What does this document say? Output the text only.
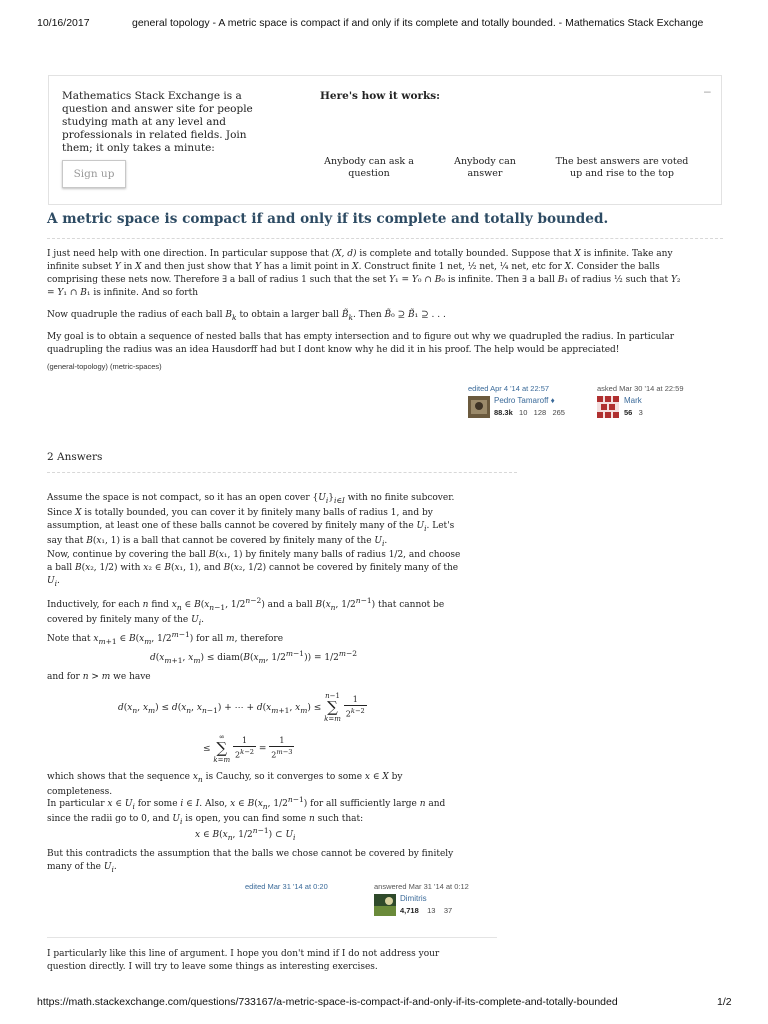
10/16/2017	general topology - A metric space is compact if and only if its complete and totally bounded. - Mathematics Stack Exchange
Mathematics Stack Exchange is a question and answer site for people studying math at any level and professionals in related fields. Join them; it only takes a minute:
Here's how it works:	–
Anybody can ask a question
Anybody can answer
The best answers are voted up and rise to the top
Sign up
A metric space is compact if and only if its complete and totally bounded.
I just need help with one direction. In particular suppose that (X, d) is complete and totally bounded. Suppose that X is infinite. Take any infinite subset Y in X and then just show that Y has a limit point in X. Construct finite 1 net, ½ net, ¼ net, etc for X. Consider the balls comprising these nets now. Therefore ∃ a ball of radius 1 such that the set Y₁ = Y₀ ∩ B₀ is infinite. Then ∃ a ball B₁ of radius ½ such that Y₂ = Y₁ ∩ B₁ is infinite. And so forth
Now quadruple the radius of each ball $B_k$ to obtain a larger ball $B̃_k$. Then B̃₀ ⊇ B̃₁ ⊇ . . .
My goal is to obtain a sequence of nested balls that has empty intersection and to figure out why we quadrupled the radius. In particular quadrupling the radius was an idea Hausdorff had but I dont know why he did it in his proof. The help would be appreciated!
(general-topology) (metric-spaces)
edited Apr 4 '14 at 22:57
Pedro Tamaroff ♦
88.3k 10 128 265
asked Mar 30 '14 at 22:59
Mark
56 3
2 Answers
Assume the space is not compact, so it has an open cover $\{U_i\}_{i\in I}$ with no finite subcover. Since X is totally bounded, you can cover it by finitely many balls of radius 1, and by assumption, at least one of these balls cannot be covered by finitely many of the $U_i$. Let's say that B(x₁, 1) is a ball that cannot be covered by finitely many of the $U_i$.
Now, continue by covering the ball B(x₁, 1) by finitely many balls of radius 1/2, and choose a ball B(x₂, 1/2) with x₂ ∈ B(x₁, 1), and B(x₂, 1/2) cannot be covered by finitely many of the $U_i$.
Inductively, for each n find $x_n$ ∈ $B(x_{n-1}$, $1/2^{n-2}$) and a ball $B(x_n$, $1/2^{n-1}$) that cannot be covered by finitely many of the $U_i$.
Note that $x_{m+1}$ ∈ $B(x_m$, $1/2^{m-1}$) for all m, therefore
$d(x_{m+1}$, $x_m$) ≤ $diam(B(x_m$, $1/2^{m-1})) = 1/2^{m-2}$
and for n > m we have
$d(x_n$, $x_m) \le d(x_n$, $x_{n-1}$) + ⋯ + $d(x_{m+1}$, $x_m) \le n-1$
∑
$k=m \frac{1}{2^{k-2}}$
≤ ∞
∑
$k=m \frac{1}{2^{k-2}} = \frac{1}{2^{m-3}}$
which shows that the sequence $x_n$ is Cauchy, so it converges to some x ∈ X by completeness.
In particular x ∈ $U_i$ for some i ∈ I. Also, x ∈ $B(x_n$, $1/2^{n-1}$) for all sufficiently large n and since the radii go to 0, and $U_i$ is open, you can find some n such that:
x ∈ $B(x_n$, $1/2^{n-1}$) ⊂ $U_i$
But this contradicts the assumption that the balls we chose cannot be covered by finitely many of the $U_i$.
edited Mar 31 '14 at 0:20	answered Mar 31 '14 at 0:12
Dimitris
4,718 13 37
I particularly like this line of argument. I hope you don't mind if I do not address your question directly. I will try to leave some things as interesting exercises.
https://math.stackexchange.com/questions/733167/a-metric-space-is-compact-if-and-only-if-its-complete-and-totally-bounded	1/2
